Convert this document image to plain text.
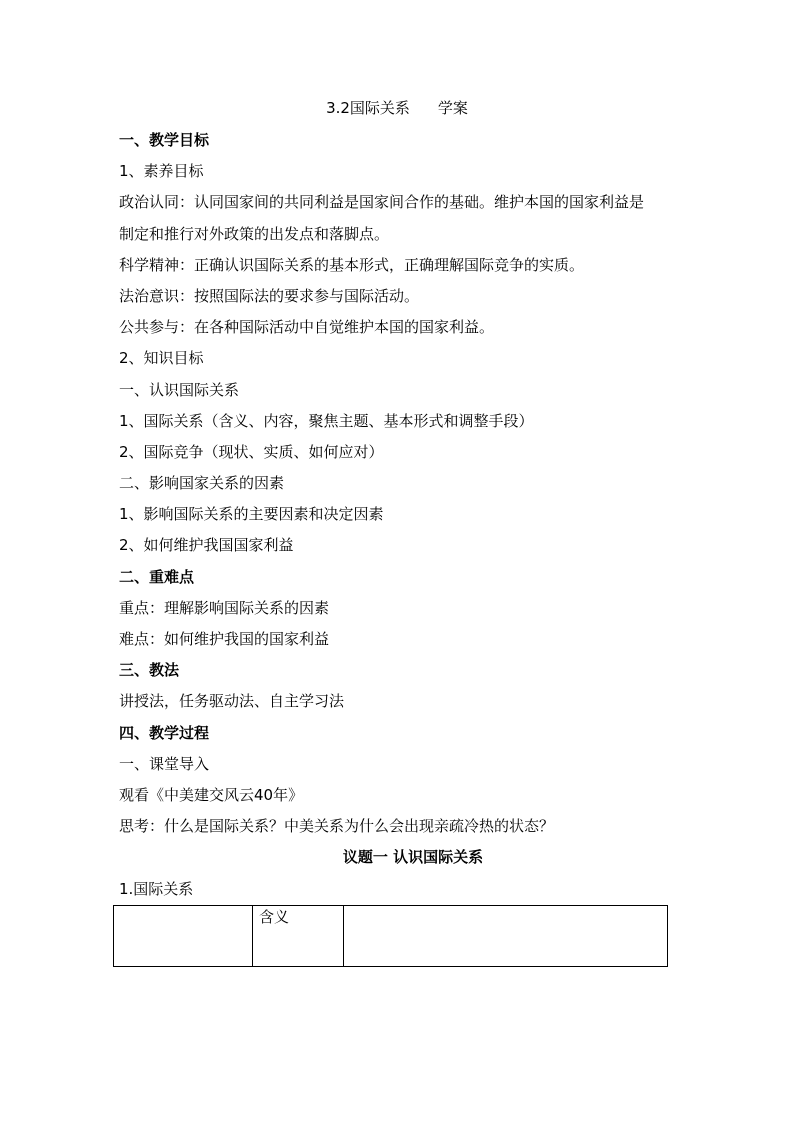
3.2国际关系 学案
一、教学目标
1、素养目标
政治认同：认同国家间的共同利益是国家间合作的基础。维护本国的国家利益是
制定和推行对外政策的出发点和落脚点。
科学精神：正确认识国际关系的基本形式，正确理解国际竞争的实质。
法治意识：按照国际法的要求参与国际活动。
公共参与：在各种国际活动中自觉维护本国的国家利益。
2、知识目标
一、认识国际关系
1、国际关系（含义、内容，聚焦主题、基本形式和调整手段）
2、国际竞争（现状、实质、如何应对）
二、影响国家关系的因素
1、影响国际关系的主要因素和决定因素
2、如何维护我国国家利益
二、重难点
重点：理解影响国际关系的因素
难点：如何维护我国的国家利益
三、教法
讲授法，任务驱动法、自主学习法
四、教学过程
一、课堂导入
观看《中美建交风云40年》
思考：什么是国际关系？中美关系为什么会出现亲疏冷热的状态？
议题一 认识国际关系
1.国际关系
	含义	
